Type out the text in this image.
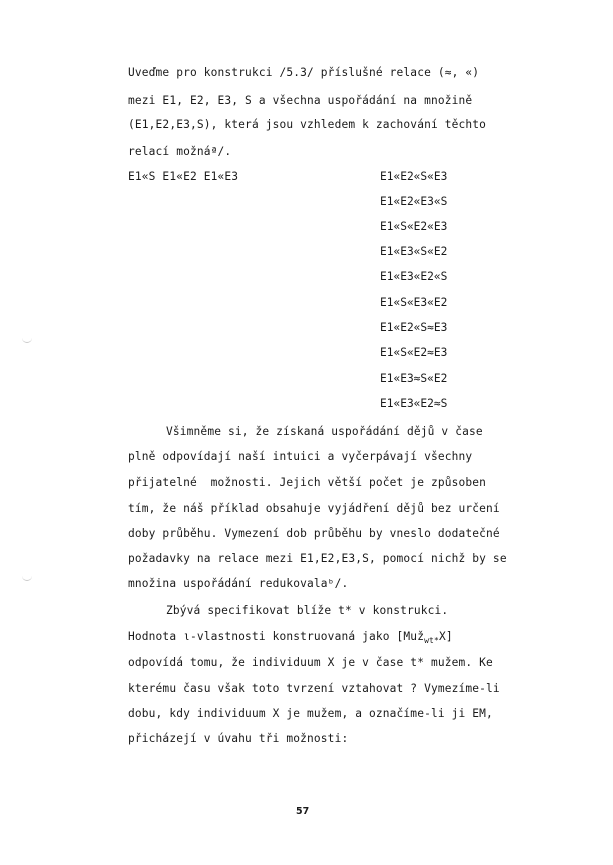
Uveďme pro konstrukci /5.3/ příslušné relace (≈, «)
mezi E1, E2, E3, S a všechna uspořádání na množině
(E1,E2,E3,S), která jsou vzhledem k zachování těchto
relací možnáª/.
E1«S E1«E2 E1«E3	E1«E2«S«E3
E1«E2«E3«S
E1«S«E2«E3
E1«E3«S«E2
E1«E3«E2«S
E1«S«E3«E2
E1«E2«S≈E3
E1«S«E2≈E3
E1«E3≈S«E2
E1«E3«E2≈S
Všimněme si, že získaná uspořádání dějů v čase
plně odpovídají naší intuici a vyčerpávají všechny
přijatelné  možnosti. Jejich větší počet je způsoben
tím, že náš příklad obsahuje vyjádření dějů bez určení
doby průběhu. Vymezení dob průběhu by vneslo dodatečné
požadavky na relace mezi E1,E2,E3,S, pomocí nichž by se
množina uspořádání redukovalaᵇ/.
Zbývá specifikovat blíže t* v konstrukci.
Hodnota ι-vlastnosti konstruovaná jako [Muž$_{wt*}$X]
odpovídá tomu, že individuum X je v čase t* mužem. Ke
kterému času však toto tvrzení vztahovat ? Vymezíme-li
dobu, kdy individuum X je mužem, a označíme-li ji EM,
přicházejí v úvahu tři možnosti:
57
